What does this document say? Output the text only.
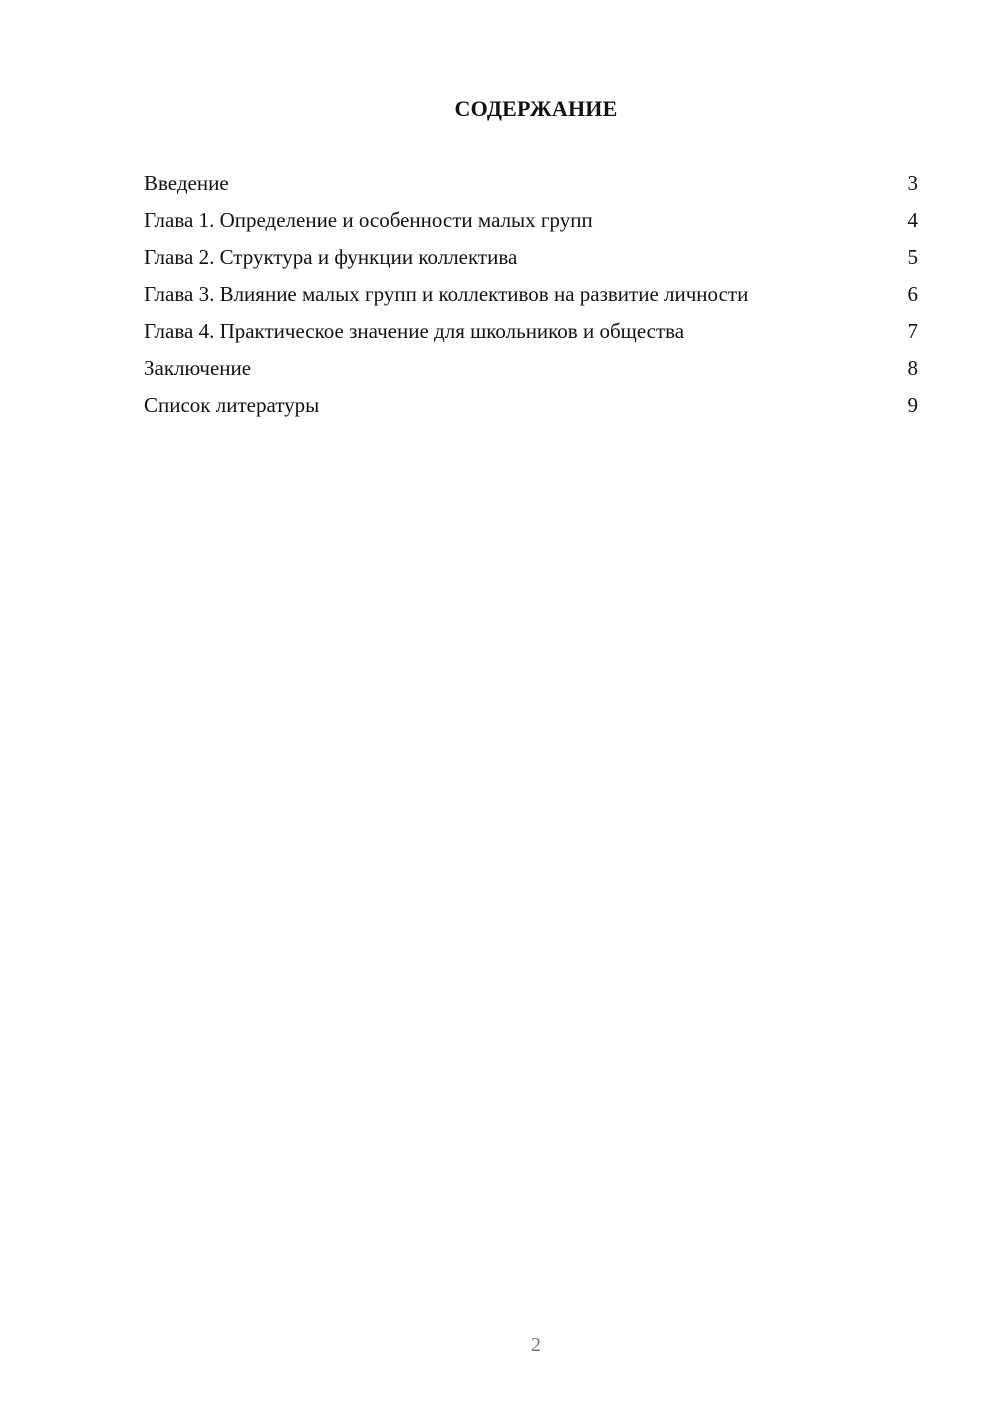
СОДЕРЖАНИЕ
Введение	3
Глава 1. Определение и особенности малых групп	4
Глава 2. Структура и функции коллектива	5
Глава 3. Влияние малых групп и коллективов на развитие личности	6
Глава 4. Практическое значение для школьников и общества	7
Заключение	8
Список литературы	9
2
